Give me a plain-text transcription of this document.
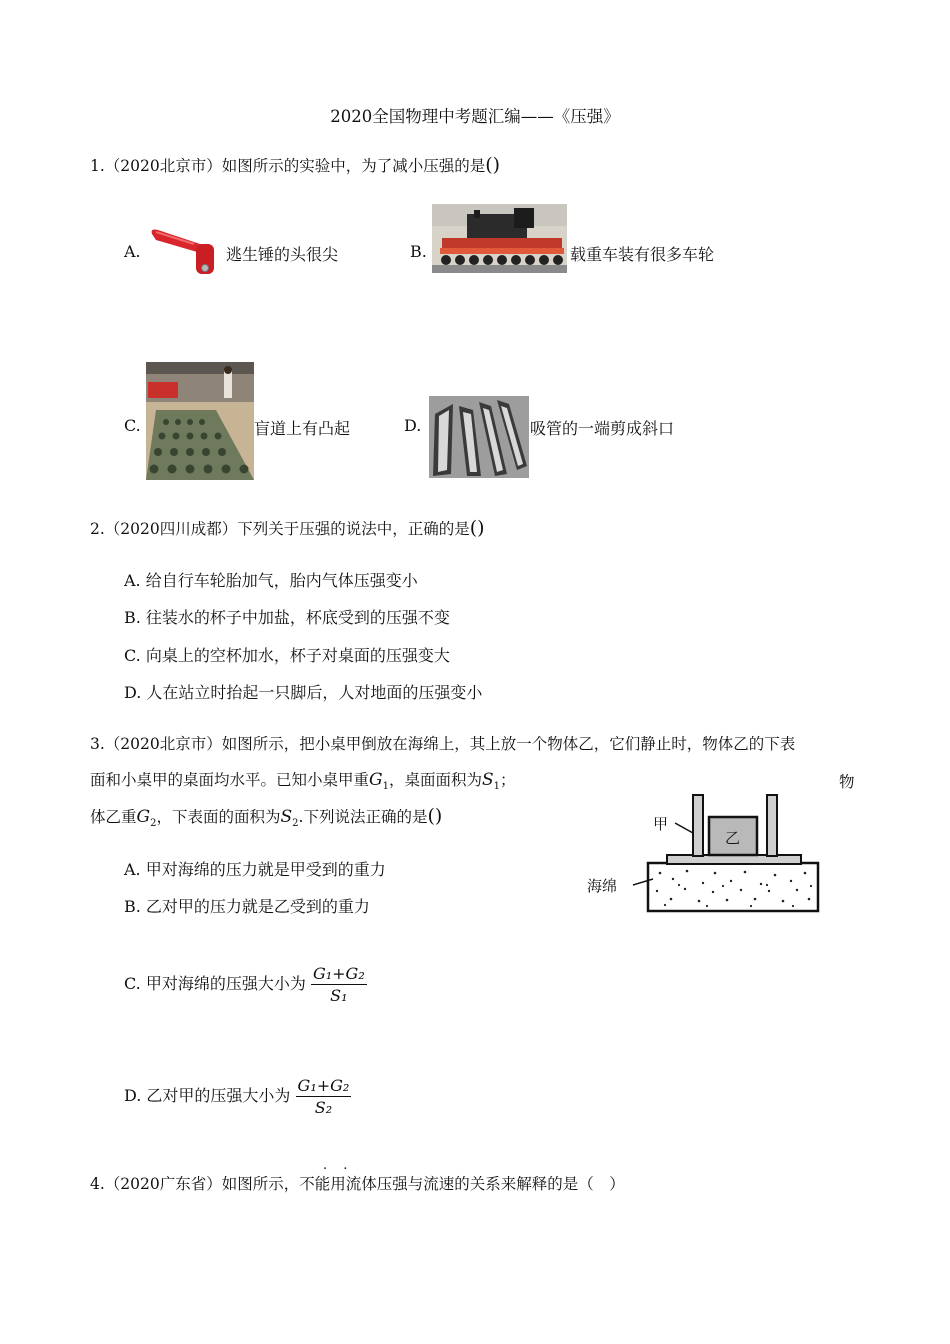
2020全国物理中考题汇编——《压强》
1.（2020北京市）如图所示的实验中，为了减小压强的是()
A.	逃生锤的头很尖	B.	载重车装有很多车轮
C.	盲道上有凸起	D.	吸管的一端剪成斜口
2.（2020四川成都）下列关于压强的说法中，正确的是()
A. 给自行车轮胎加气，胎内气体压强变小
B. 往装水的杯子中加盐，杯底受到的压强不变
C. 向桌上的空杯加水，杯子对桌面的压强变大
D. 人在站立时抬起一只脚后，人对地面的压强变小
3.（2020北京市）如图所示，把小桌甲倒放在海绵上，其上放一个物体乙，它们静止时，物体乙的下表
面和小桌甲的桌面均水平。已知小桌甲重$G_1$，桌面面积为$S_1$；	物
体乙重$G_2$，下表面的面积为$S_2$.下列说法正确的是()
A. 甲对海绵的压力就是甲受到的重力
B. 乙对甲的压力就是乙受到的重力
C. 甲对海绵的压强大小为 $\frac{\text{G₁+G₂}}{\text{S₁}}$
D. 乙对甲的压强大小为 $\frac{\text{G₁+G₂}}{\text{S₂}}$
甲
乙
海绵
. .
4.（2020广东省）如图所示，不能用流体压强与流速的关系来解释的是（　）
